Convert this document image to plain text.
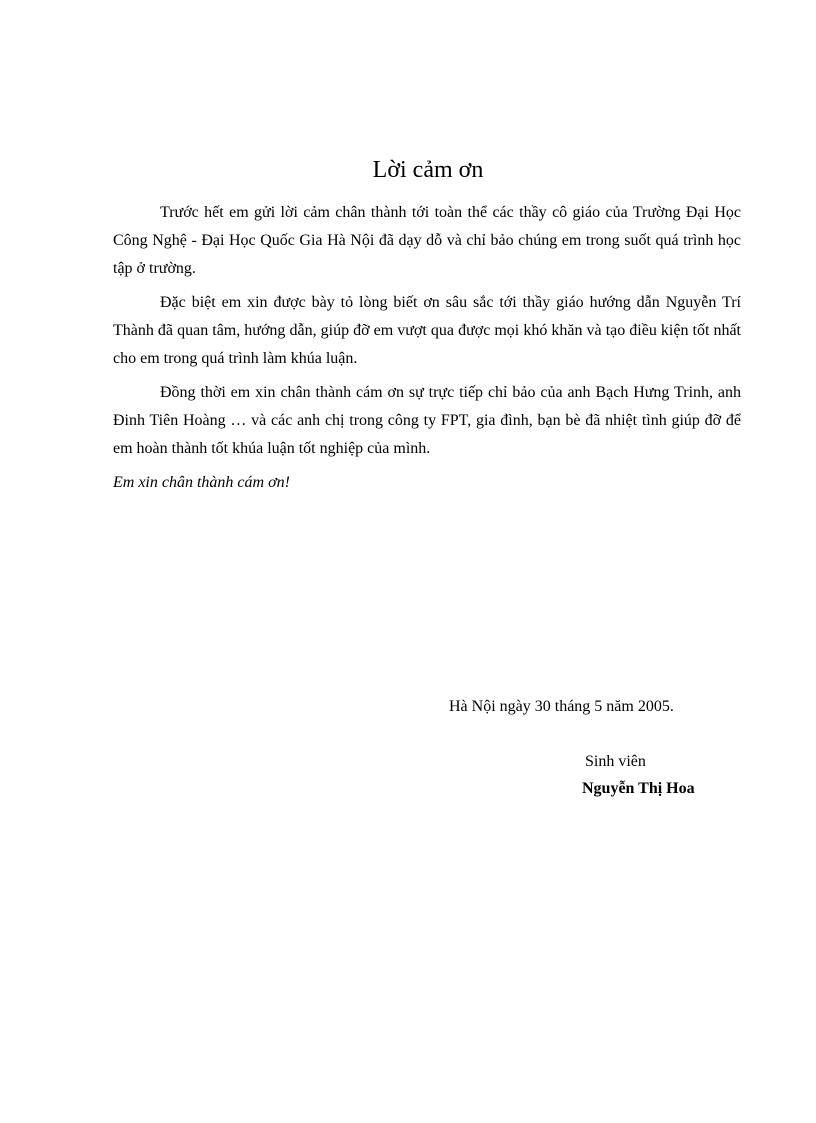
Lời cảm ơn

Trước hết em gửi lời cảm chân thành tới toàn thể các thầy cô giáo của Trường Đại Học Công Nghệ - Đại Học Quốc Gia Hà Nội đã dạy dỗ và chỉ bảo chúng em trong suốt quá trình học tập ở trường.

Đặc biệt em xin được bày tỏ lòng biết ơn sâu sắc tới thầy giáo hướng dẫn Nguyễn Trí Thành đã quan tâm, hướng dẫn, giúp đỡ em vượt qua được mọi khó khăn và tạo điều kiện tốt nhất cho em trong quá trình làm khúa luận.

Đồng thời em xin chân thành cám ơn sự trực tiếp chỉ bảo của anh Bạch Hưng Trinh, anh Đinh Tiên Hoàng … và các anh chị trong công ty FPT, gia đình, bạn bè đã nhiệt tình giúp đỡ để em hoàn thành tốt khúa luận tốt nghiệp của mình.

Em xin chân thành cám ơn!

Hà Nội ngày 30 tháng 5 năm 2005.
Sinh viên
Nguyễn Thị Hoa
